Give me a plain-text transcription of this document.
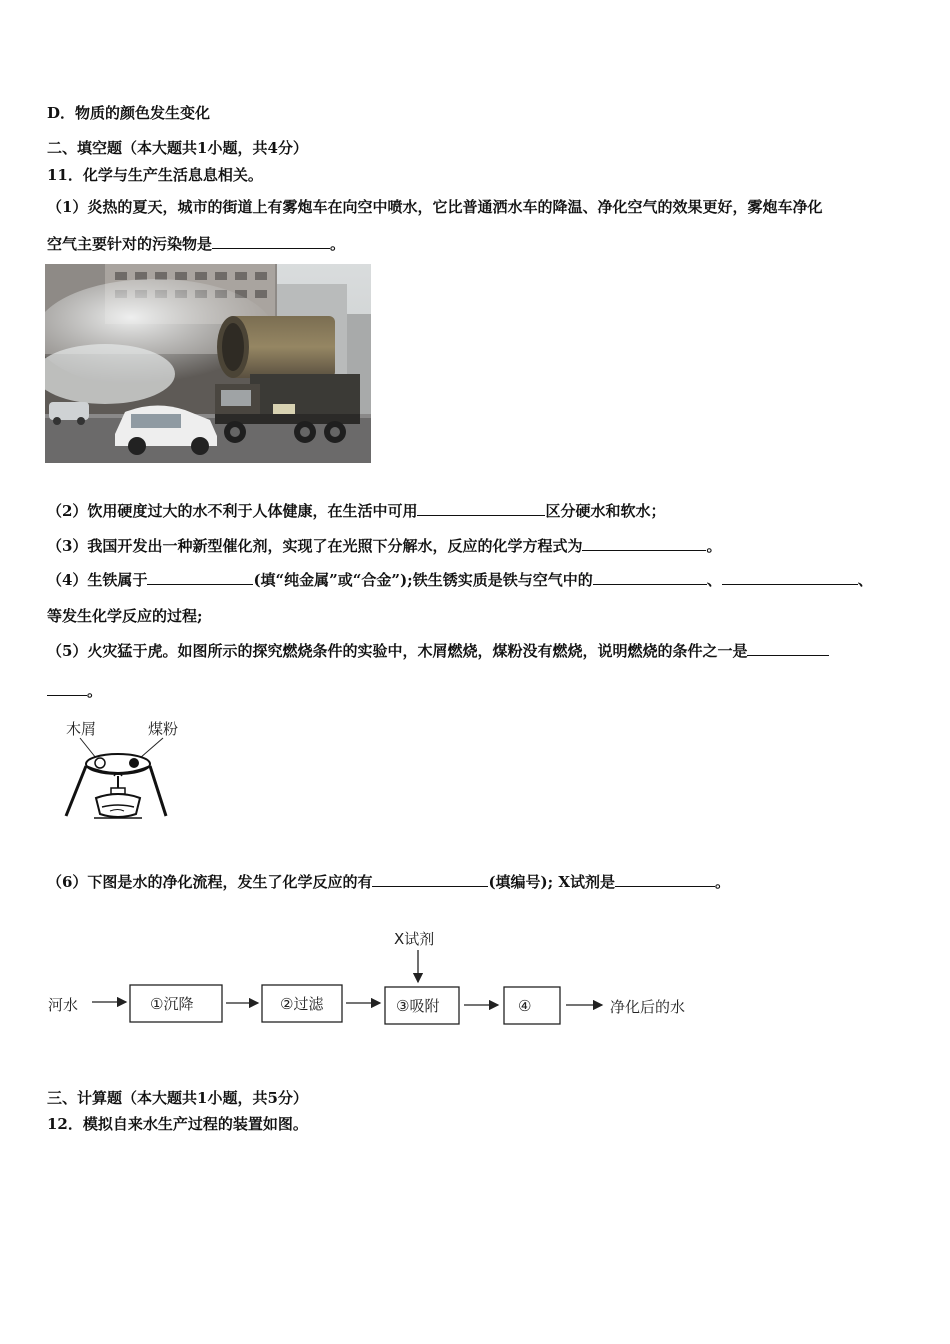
D．物质的颜色发生变化
二、填空题（本大题共1小题，共4分）
11．化学与生产生活息息相关。
（1）炎热的夏天，城市的街道上有雾炮车在向空中喷水，它比普通洒水车的降温、净化空气的效果更好，雾炮车净化
空气主要针对的污染物是	。
（2）饮用硬度过大的水不利于人体健康，在生活中可用	区分硬水和软水；
（3）我国开发出一种新型催化剂，实现了在光照下分解水，反应的化学方程式为	。
（4）生铁属于	(填“纯金属”或“合金”);铁生锈实质是铁与空气中的	、	、
等发生化学反应的过程;
（5）火灾猛于虎。如图所示的探究燃烧条件的实验中，木屑燃烧，煤粉没有燃烧，说明燃烧的条件之一是
。
木屑	煤粉
（6）下图是水的净化流程，发生了化学反应的有	(填编号); X试剂是	。
X试剂
河水	①沉降	②过滤	③吸附	④	净化后的水
三、计算题（本大题共1小题，共5分）
12．模拟自来水生产过程的装置如图。
